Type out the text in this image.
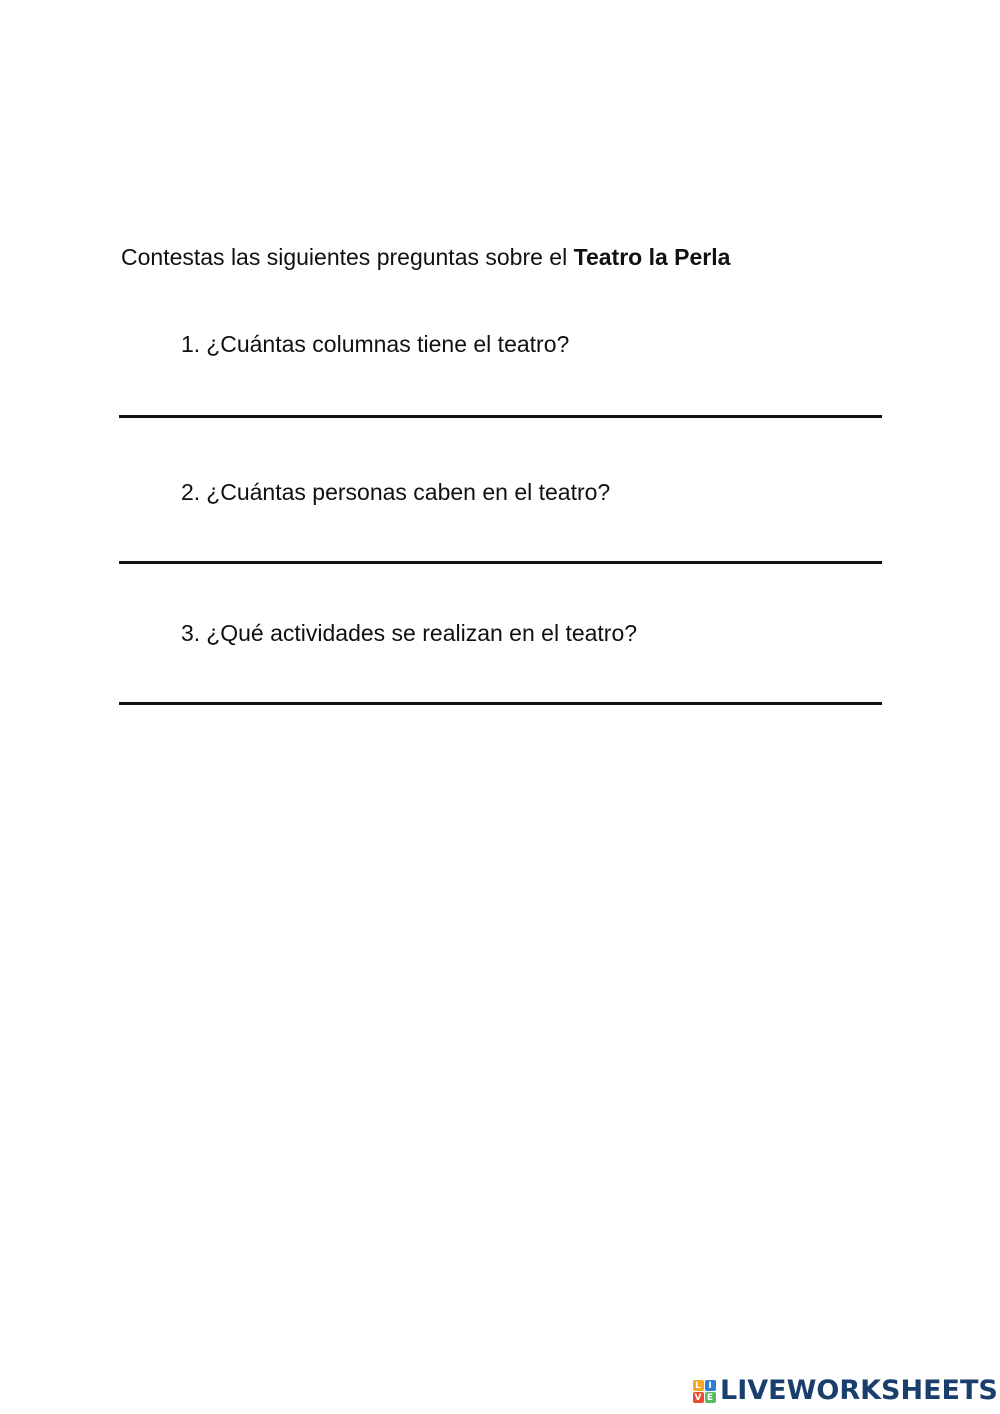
Contestas las siguientes preguntas sobre el Teatro la Perla
1. ¿Cuántas columnas tiene el teatro?
2. ¿Cuántas personas caben en el teatro?
3. ¿Qué actividades se realizan en el teatro?
L I
V E LIVEWORKSHEETS
